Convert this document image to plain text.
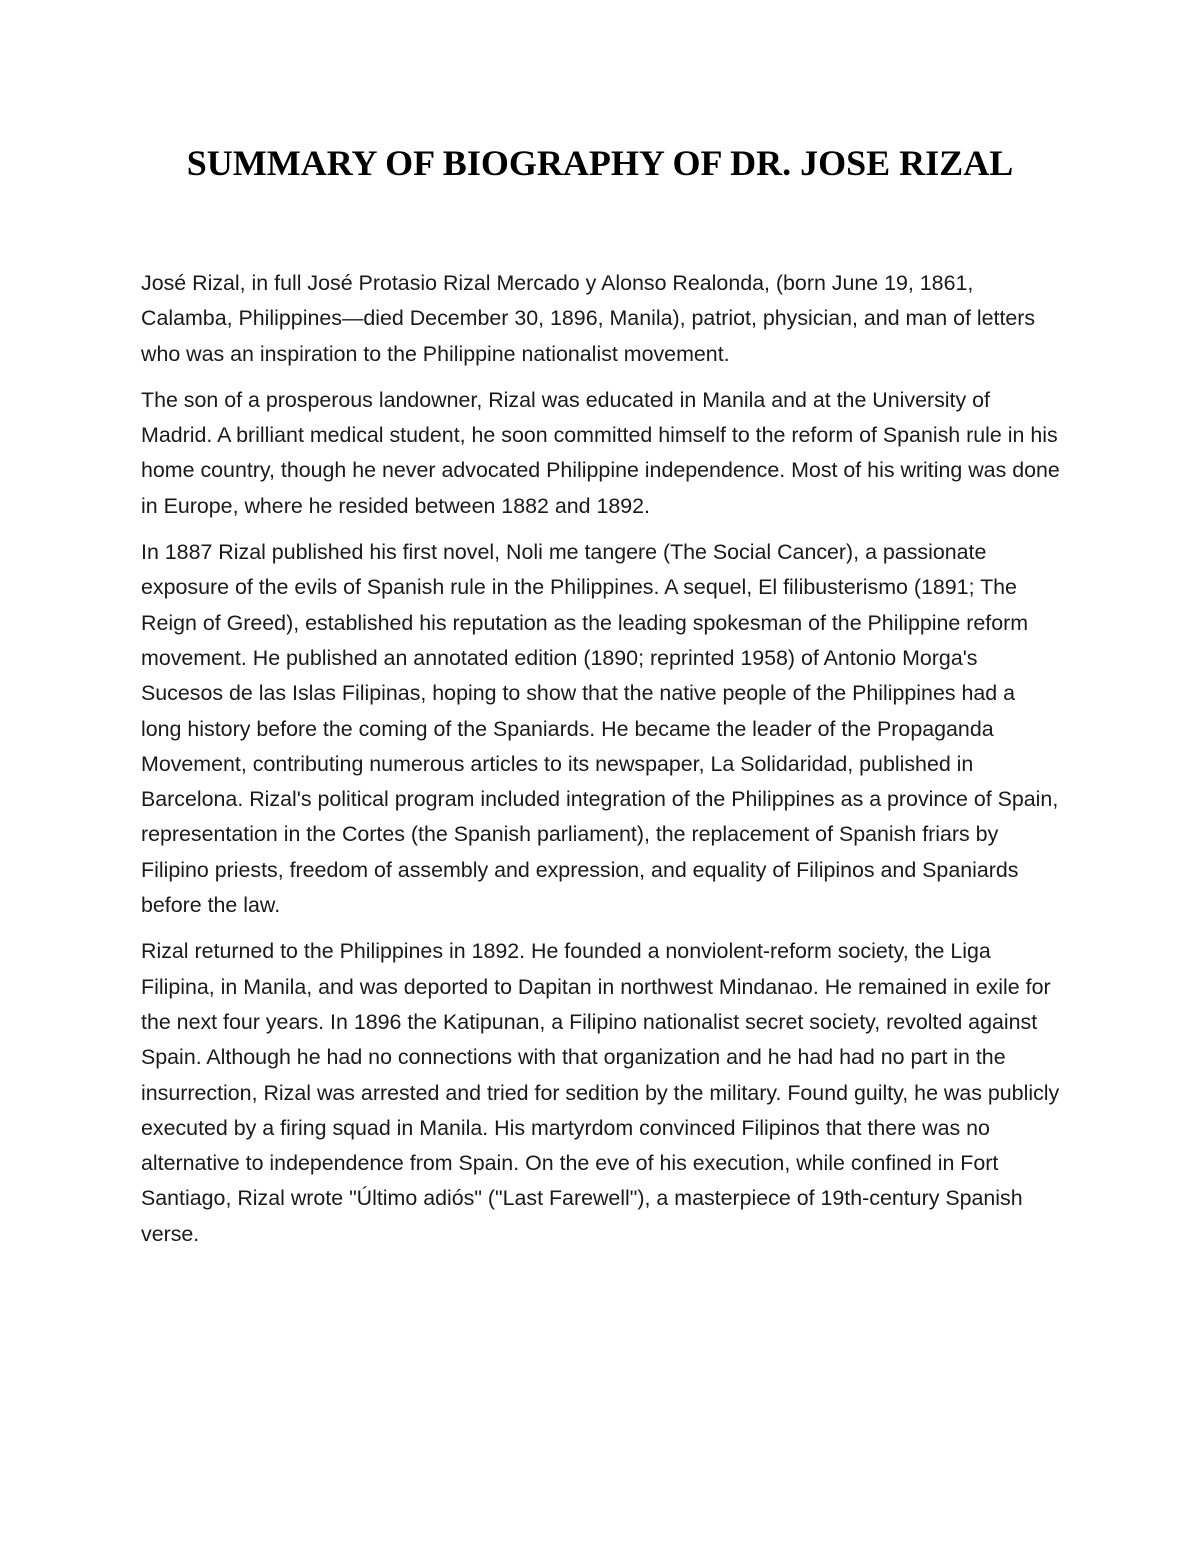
SUMMARY OF BIOGRAPHY OF DR. JOSE RIZAL

José Rizal, in full José Protasio Rizal Mercado y Alonso Realonda, (born June 19, 1861, Calamba, Philippines—died December 30, 1896, Manila), patriot, physician, and man of letters who was an inspiration to the Philippine nationalist movement.

The son of a prosperous landowner, Rizal was educated in Manila and at the University of Madrid. A brilliant medical student, he soon committed himself to the reform of Spanish rule in his home country, though he never advocated Philippine independence. Most of his writing was done in Europe, where he resided between 1882 and 1892.

In 1887 Rizal published his first novel, Noli me tangere (The Social Cancer), a passionate exposure of the evils of Spanish rule in the Philippines. A sequel, El filibusterismo (1891; The Reign of Greed), established his reputation as the leading spokesman of the Philippine reform movement. He published an annotated edition (1890; reprinted 1958) of Antonio Morga's Sucesos de las Islas Filipinas, hoping to show that the native people of the Philippines had a long history before the coming of the Spaniards. He became the leader of the Propaganda Movement, contributing numerous articles to its newspaper, La Solidaridad, published in Barcelona. Rizal's political program included integration of the Philippines as a province of Spain, representation in the Cortes (the Spanish parliament), the replacement of Spanish friars by Filipino priests, freedom of assembly and expression, and equality of Filipinos and Spaniards before the law.

Rizal returned to the Philippines in 1892. He founded a nonviolent-reform society, the Liga Filipina, in Manila, and was deported to Dapitan in northwest Mindanao. He remained in exile for the next four years. In 1896 the Katipunan, a Filipino nationalist secret society, revolted against Spain. Although he had no connections with that organization and he had had no part in the insurrection, Rizal was arrested and tried for sedition by the military. Found guilty, he was publicly executed by a firing squad in Manila. His martyrdom convinced Filipinos that there was no alternative to independence from Spain. On the eve of his execution, while confined in Fort Santiago, Rizal wrote "Último adiós" ("Last Farewell"), a masterpiece of 19th-century Spanish verse.
